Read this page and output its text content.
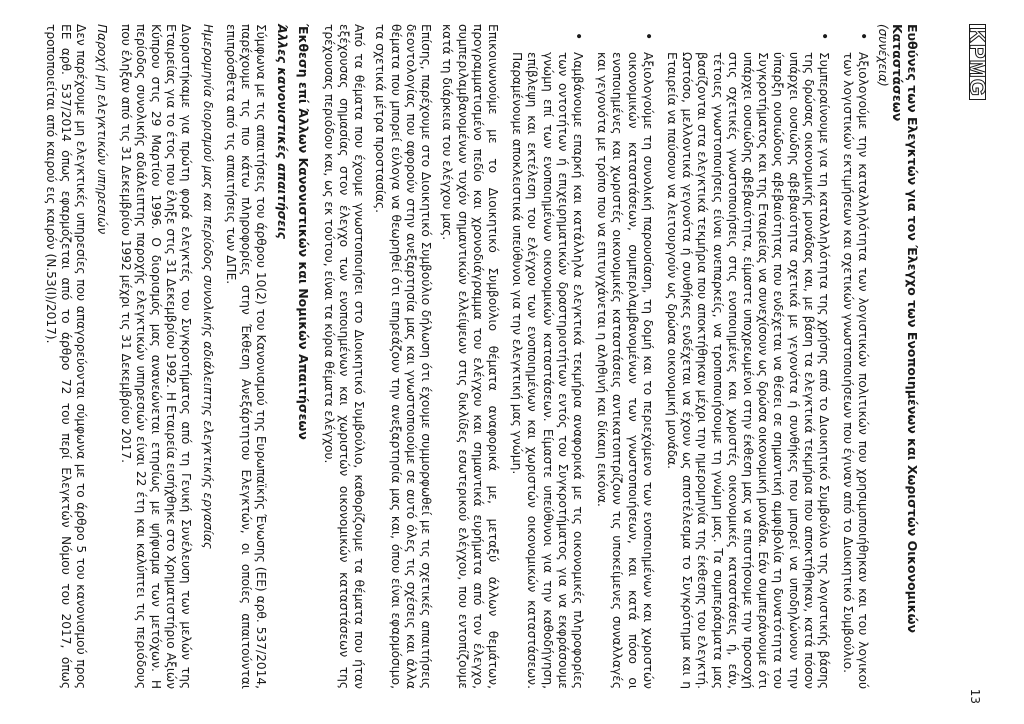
KPMG
13
Ευθύνες των Ελεγκτών για τον Έλεγχο των Ενοποιημένων και Χωριστών Οικονομικών Καταστάσεων
(συνέχεια)
• Αξιολογούμε την καταλληλότητα των λογιστικών πολιτικών που χρησιμοποιήθηκαν και του λογικού των λογιστικών εκτιμήσεων και σχετικών γνωστοποιήσεων που έγιναν από το Διοικητικό Συμβούλιο.
• Συμπεραίνουμε για τη καταλληλότητα της χρήσης από το Διοικητικό Συμβούλιο της λογιστικής βάσης της δρώσας οικονομικής μονάδας και, με βάση τα ελεγκτικά τεκμήρια που αποκτήθηκαν, κατά πόσον υπάρχει ουσιώδης αβεβαιότητα σχετικά με γεγονότα ή συνθήκες που μπορεί να υποδηλώνουν την ύπαρξη ουσιώδους αβεβαιότητας που ενδέχεται να θέσει σε σημαντική αμφιβολία τη δυνατότητα του Συγκροτήματος και της Εταιρείας να συνεχίσουν ως δρώσα οικονομική μονάδα. Εάν συμπεράνουμε ότι υπάρχει ουσιώδης αβεβαιότητα, είμαστε υποχρεωμένοι στην έκθεση μας να επιστήσουμε την προσοχή στις σχετικές γνωστοποιήσεις στις ενοποιημένες και χωριστές οικονομικές καταστάσεις ή, εάν, τέτοιες γνωστοποιήσεις είναι ανεπαρκείς, να τροποποιήσουμε τη γνώμη μας. Τα συμπεράσματα μας βασίζονται στα ελεγκτικά τεκμήρια που αποκτήθηκαν μέχρι την ημερομηνία της έκθεσης του ελεγκτή. Ωστόσο, μελλοντικά γεγονότα ή συνθήκες ενδέχεται να έχουν ως αποτέλεσμα το Συγκρότημα και η Εταιρεία να παύσουν να λειτουργούν ως δρώσα οικονομική μονάδα.
• Αξιολογούμε τη συνολική παρουσίαση, τη δομή και το περιεχόμενο των ενοποιημένων και χωριστών οικονομικών καταστάσεων, συμπεριλαμβανομένων των γνωστοποιήσεων, και κατά πόσο οι ενοποιημένες και χωριστές οικονομικές καταστάσεις αντικατοπτρίζουν τις υποκείμενες συναλλαγές και γεγονότα με τρόπο που να επιτυγχάνεται η αληθινή και δίκαιη εικόνα.
• Λαμβάνουμε επαρκή και κατάλληλα ελεγκτικά τεκμήρια αναφορικά με τις οικονομικές πληροφορίες των οντοτήτων ή επιχειρηματικών δραστηριοτήτων εντός του Συγκροτήματος για να εκφράσουμε γνώμη επί των ενοποιημένων οικονομικών καταστάσεων. Είμαστε υπεύθυνοι για την καθοδήγηση, επίβλεψη και εκτέλεση του ελέγχου των ενοποιημένων και χωριστών οικονομικών καταστάσεων. Παραμένουμε αποκλειστικά υπεύθυνοι για την ελεγκτική μας γνώμη.

Επικοινωνούμε με το Διοικητικό Συμβούλιο θέματα αναφορικά με, μεταξύ άλλων θεμάτων, προγραμματισμένο πεδίο και χρονοδιάγραμμα του ελέγχου και σημαντικά ευρήματα από τον έλεγχο, συμπεριλαμβανομένων τυχόν σημαντικών ελλείψεων στις δικλίδες εσωτερικού ελέγχου, που εντοπίζουμε κατά τη διάρκεια του ελέγχου μας.

Επίσης, παρέχουμε στο Διοικητικό Συμβούλιο δήλωση ότι έχουμε συμμορφωθεί με τις σχετικές απαιτήσεις δεοντολογίας που αφορούν στην ανεξαρτησία μας και γνωστοποιούμε σε αυτό όλες τις σχέσεις και άλλα θέματα που μπορεί εύλογα να θεωρηθεί ότι επηρεάζουν την ανεξαρτησία μας και, όπου είναι εφαρμόσιμο, τα σχετικά μέτρα προστασίας.

Από τα θέματα που έχουμε γνωστοποιήσει στο Διοικητικό Συμβούλιο, καθορίζουμε τα θέματα που ήταν εξέχουσας σημασίας στον έλεγχο των ενοποιημένων και χωριστών οικονομικών καταστάσεων της τρέχουσας περιόδου και, ως εκ τούτου, είναι τα κύρια θέματα ελέγχου.

Έκθεση επί Άλλων Κανονιστικών και Νομικών Απαιτήσεων
Άλλες κανονιστικές απαιτήσεις

Σύμφωνα με τις απαιτήσεις του άρθρου 10(2) του Κανονισμού της Ευρωπαϊκής Ένωσης (ΕΕ) αρθ. 537/2014, παρέχουμε τις πιο κάτω πληροφορίες στην Έκθεση Ανεξάρτητου Ελεγκτών, οι οποίες απαιτούνται επιπρόσθετα από τις απαιτήσεις των ΔΠΕ.

Ημερομηνία διορισμού μας και περίοδος συνολικής αδιάλειπτης ελεγκτικής εργασίας

Διοριστήκαμε για πρώτη φορά ελεγκτές του Συγκροτήματος από τη Γενική Συνέλευση των μελών της Εταιρείας για το έτος που έληξε στις 31 Δεκεμβρίου 1992. Η Εταιρεία εισήχθηκε στο Χρηματιστήριο Αξιών Κύπρου στις 29 Μαρτίου 1996. Ο διορισμός μας ανανεώνεται ετησίως με ψήφισμα των μετόχων. Η περίοδος συνολικής αδιάλειπτης παροχής ελεγκτικών υπηρεσιών είναι 22 έτη και καλύπτει τις περιόδους που έληξαν από τις 31 Δεκεμβρίου 1992 μέχρι τις 31 Δεκεμβρίου 2017.

Παροχή μη ελεγκτικών υπηρεσιών

Δεν παρέχουμε μη ελεγκτικές υπηρεσίες που απαγορεύονται σύμφωνα με το άρθρο 5 του κανονισμού προς ΕΕ αρθ. 537/2014 όπως εφαρμόζεται από το άρθρο 72 του περί Ελεγκτών Νόμου του 2017, όπως τροποποιείται από καιρού εις καιρόν (Ν.53(Ι)/2017).
